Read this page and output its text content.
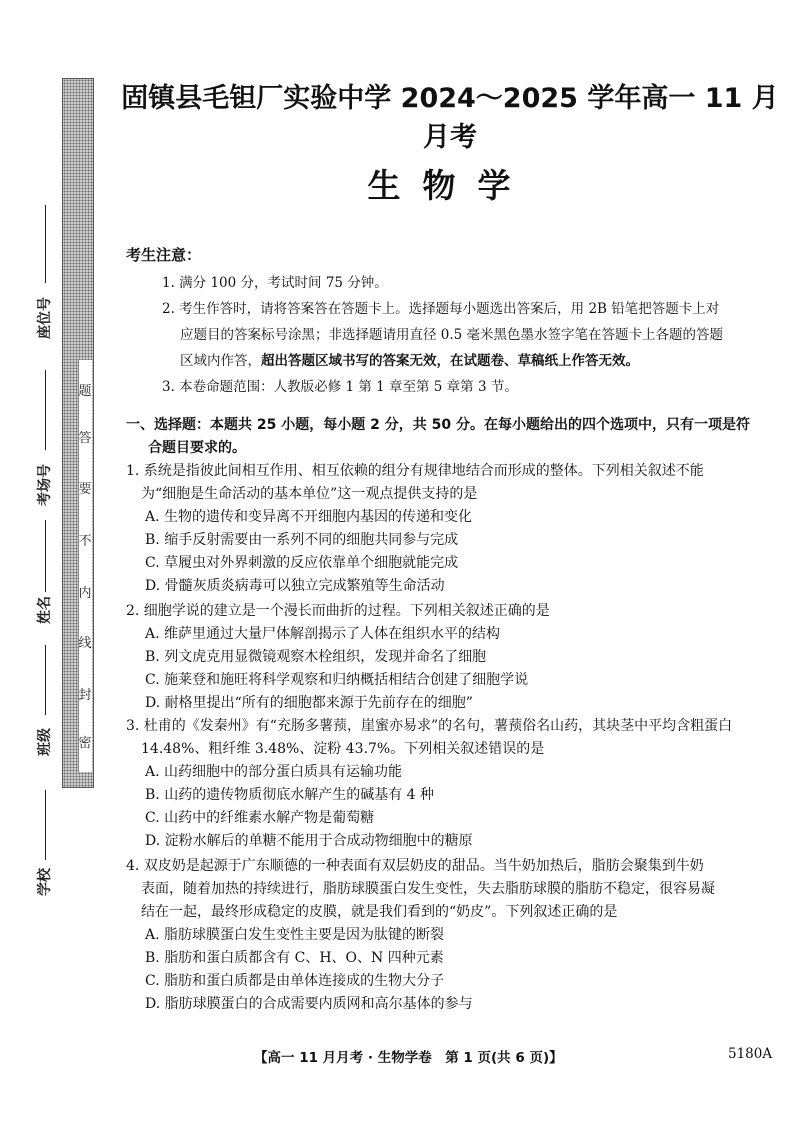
题
答
要
不
内
线
封
密
座位号
考场号
姓名
班级
学校
固镇县毛钽厂实验中学 2024～2025 学年高一 11 月月考
生物学
考生注意：
1. 满分 100 分，考试时间 75 分钟。
2. 考生作答时，请将答案答在答题卡上。选择题每小题选出答案后，用 2B 铅笔把答题卡上对
应题目的答案标号涂黑；非选择题请用直径 0.5 毫米黑色墨水签字笔在答题卡上各题的答题
区域内作答，超出答题区域书写的答案无效，在试题卷、草稿纸上作答无效。
3. 本卷命题范围：人教版必修 1 第 1 章至第 5 章第 3 节。
一、选择题：本题共 25 小题，每小题 2 分，共 50 分。在每小题给出的四个选项中，只有一项是符
合题目要求的。
1. 系统是指彼此间相互作用、相互依赖的组分有规律地结合而形成的整体。下列相关叙述不能
为“细胞是生命活动的基本单位”这一观点提供支持的是
A. 生物的遗传和变异离不开细胞内基因的传递和变化
B. 缩手反射需要由一系列不同的细胞共同参与完成
C. 草履虫对外界刺激的反应依靠单个细胞就能完成
D. 骨髓灰质炎病毒可以独立完成繁殖等生命活动
2. 细胞学说的建立是一个漫长而曲折的过程。下列相关叙述正确的是
A. 维萨里通过大量尸体解剖揭示了人体在组织水平的结构
B. 列文虎克用显微镜观察木栓组织，发现并命名了细胞
C. 施莱登和施旺将科学观察和归纳概括相结合创建了细胞学说
D. 耐格里提出“所有的细胞都来源于先前存在的细胞”
3. 杜甫的《发秦州》有“充肠多薯蓣，崖蜜亦易求”的名句，薯蓣俗名山药，其块茎中平均含粗蛋白
14.48%、粗纤维 3.48%、淀粉 43.7%。下列相关叙述错误的是
A. 山药细胞中的部分蛋白质具有运输功能
B. 山药的遗传物质彻底水解产生的碱基有 4 种
C. 山药中的纤维素水解产物是葡萄糖
D. 淀粉水解后的单糖不能用于合成动物细胞中的糖原
4. 双皮奶是起源于广东顺德的一种表面有双层奶皮的甜品。当牛奶加热后，脂肪会聚集到牛奶
表面，随着加热的持续进行，脂肪球膜蛋白发生变性，失去脂肪球膜的脂肪不稳定，很容易凝
结在一起，最终形成稳定的皮膜，就是我们看到的“奶皮”。下列叙述正确的是
A. 脂肪球膜蛋白发生变性主要是因为肽键的断裂
B. 脂肪和蛋白质都含有 C、H、O、N 四种元素
C. 脂肪和蛋白质都是由单体连接成的生物大分子
D. 脂肪球膜蛋白的合成需要内质网和高尔基体的参与
【高一 11 月月考 · 生物学卷　第 1 页(共 6 页)】	5180A
